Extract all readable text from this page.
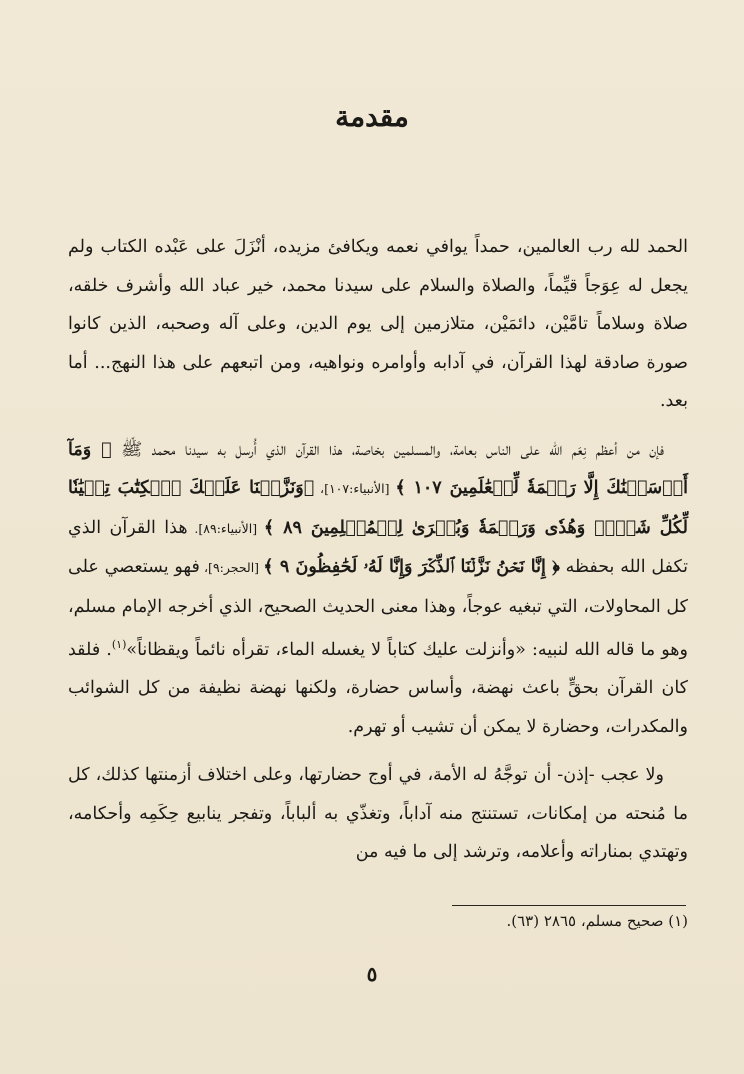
مقدمة

الحمد لله رب العالمين، حمداً يوافي نعمه ويكافئ مزيده، أنْزَلَ على عَبْده الكتاب ولم يجعل له عِوَجاً قيِّماً، والصلاة والسلام على سيدنا محمد، خير عباد الله وأشرف خلقه، صلاة وسلاماً تامَّيْن، دائمَيْن، متلازمين إلى يوم الدين، وعلى آله وصحبه، الذين كانوا صورة صادقة لهذا القرآن، في آدابه وأوامره ونواهيه، ومن اتبعهم على هذا النهج... أما بعد.

فإن من أعظم نِعَم الله على الناس بعامة، والمسلمين بخاصة، هذا القرآن الذي أُرسل به سيدنا محمد ﷺ ﴿ وَمَآ أَرۡسَلۡنَٰكَ إِلَّا رَحۡمَةٗ لِّلۡعَٰلَمِينَ ١٠٧ ﴾ [الأنبياء:١٠٧]، ﴿وَنَزَّلۡنَا عَلَيۡكَ ٱلۡكِتَٰبَ تِبۡيَٰنٗا لِّكُلِّ شَيۡءٖ وَهُدٗى وَرَحۡمَةٗ وَبُشۡرَىٰ لِلۡمُسۡلِمِينَ ٨٩ ﴾ [الأنبياء:٨٩]. هذا القرآن الذي تكفل الله بحفظه ﴿ إِنَّا نَحۡنُ نَزَّلۡنَا ٱلذِّكۡرَ وَإِنَّا لَهُۥ لَحَٰفِظُونَ ٩ ﴾ [الحجر:٩]، فهو يستعصي على كل المحاولات، التي تبغيه عوجاً، وهذا معنى الحديث الصحيح، الذي أخرجه الإمام مسلم، وهو ما قاله الله لنبيه: «وأنزلت عليك كتاباً لا يغسله الماء، تقرأه نائماً ويقظاناً»$^{(١)}$. فلقد كان القرآن بحقٍّ باعث نهضة، وأساس حضارة، ولكنها نهضة نظيفة من كل الشوائب والمكدرات، وحضارة لا يمكن أن تشيب أو تهرم.

ولا عجب -إذن- أن توجَّهُ له الأمة، في أوج حضارتها، وعلى اختلاف أزمنتها كذلك، كل ما مُنحته من إمكانات، تستنتج منه آداباً، وتغذّي به ألباباً، وتفجر ينابيع حِكَمِه وأحكامه، وتهتدي بمناراته وأعلامه، وترشد إلى ما فيه من

(١) صحيح مسلم، ٢٨٦٥ (٦٣).
٥
